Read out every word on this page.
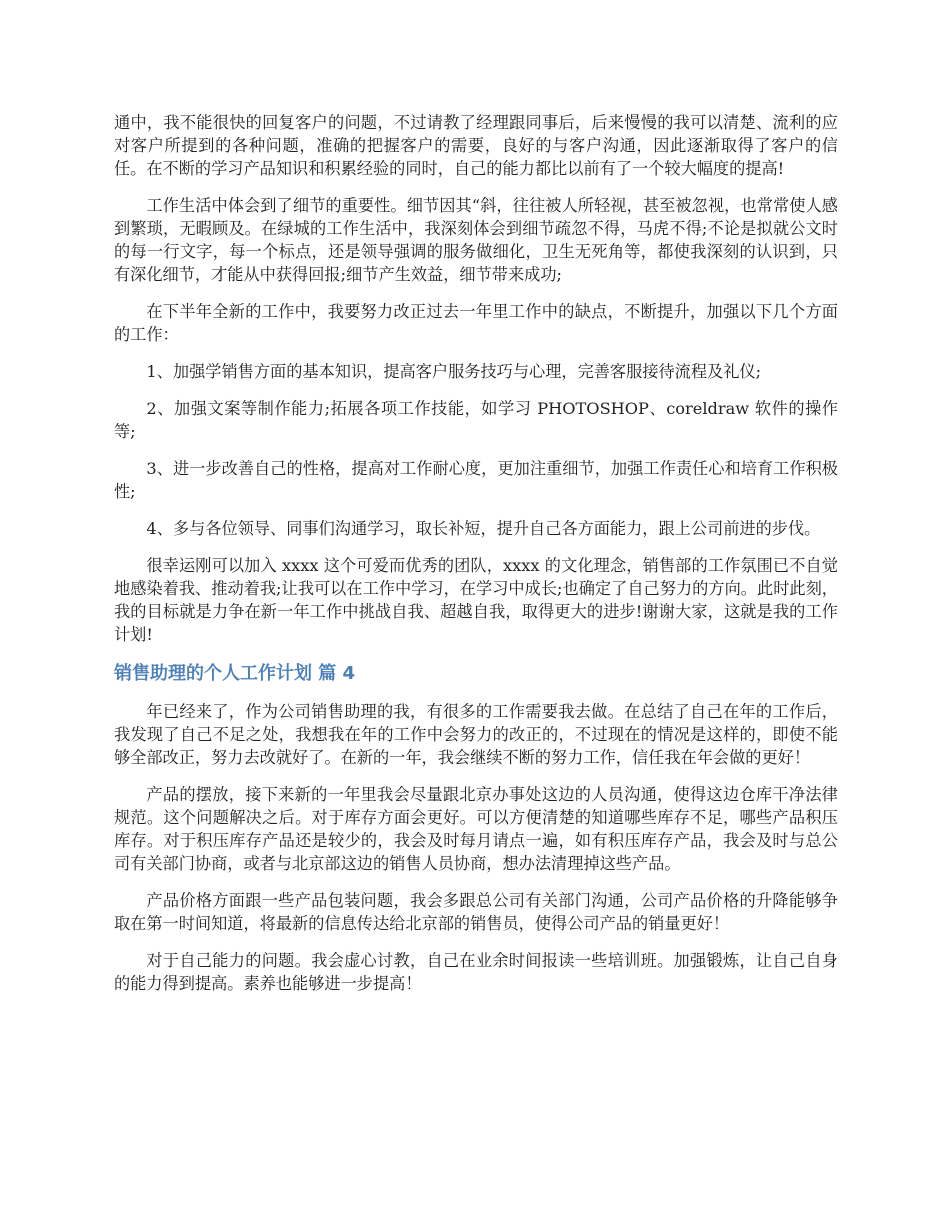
通中，我不能很快的回复客户的问题，不过请教了经理跟同事后，后来慢慢的我可以清楚、流利的应对客户所提到的各种问题，准确的把握客户的需要，良好的与客户沟通，因此逐渐取得了客户的信任。在不断的学习产品知识和积累经验的同时，自己的能力都比以前有了一个较大幅度的提高!

工作生活中体会到了细节的重要性。细节因其“斜，往往被人所轻视，甚至被忽视，也常常使人感到繁琐，无暇顾及。在绿城的工作生活中，我深刻体会到细节疏忽不得，马虎不得;不论是拟就公文时的每一行文字，每一个标点，还是领导强调的服务做细化，卫生无死角等，都使我深刻的认识到，只有深化细节，才能从中获得回报;细节产生效益，细节带来成功;

在下半年全新的工作中，我要努力改正过去一年里工作中的缺点，不断提升，加强以下几个方面的工作：

1、加强学销售方面的基本知识，提高客户服务技巧与心理，完善客服接待流程及礼仪;

2、加强文案等制作能力;拓展各项工作技能，如学习 PHOTOSHOP、coreldraw 软件的操作等;

3、进一步改善自己的性格，提高对工作耐心度，更加注重细节，加强工作责任心和培育工作积极性;

4、多与各位领导、同事们沟通学习，取长补短，提升自己各方面能力，跟上公司前进的步伐。

很幸运刚可以加入 xxxx 这个可爱而优秀的团队，xxxx 的文化理念，销售部的工作氛围已不自觉地感染着我、推动着我;让我可以在工作中学习，在学习中成长;也确定了自己努力的方向。此时此刻，我的目标就是力争在新一年工作中挑战自我、超越自我，取得更大的进步!谢谢大家，这就是我的工作计划!

销售助理的个人工作计划 篇 4

年已经来了，作为公司销售助理的我，有很多的工作需要我去做。在总结了自己在年的工作后，我发现了自己不足之处，我想我在年的工作中会努力的改正的，不过现在的情况是这样的，即使不能够全部改正，努力去改就好了。在新的一年，我会继续不断的努力工作，信任我在年会做的更好！

产品的摆放，接下来新的一年里我会尽量跟北京办事处这边的人员沟通，使得这边仓库干净法律规范。这个问题解决之后。对于库存方面会更好。可以方便清楚的知道哪些库存不足，哪些产品积压库存。对于积压库存产品还是较少的，我会及时每月请点一遍，如有积压库存产品，我会及时与总公司有关部门协商，或者与北京部这边的销售人员协商，想办法清理掉这些产品。

产品价格方面跟一些产品包装问题，我会多跟总公司有关部门沟通，公司产品价格的升降能够争取在第一时间知道，将最新的信息传达给北京部的销售员，使得公司产品的销量更好！

对于自己能力的问题。我会虚心讨教，自己在业余时间报读一些培训班。加强锻炼，让自己自身的能力得到提高。素养也能够进一步提高！
